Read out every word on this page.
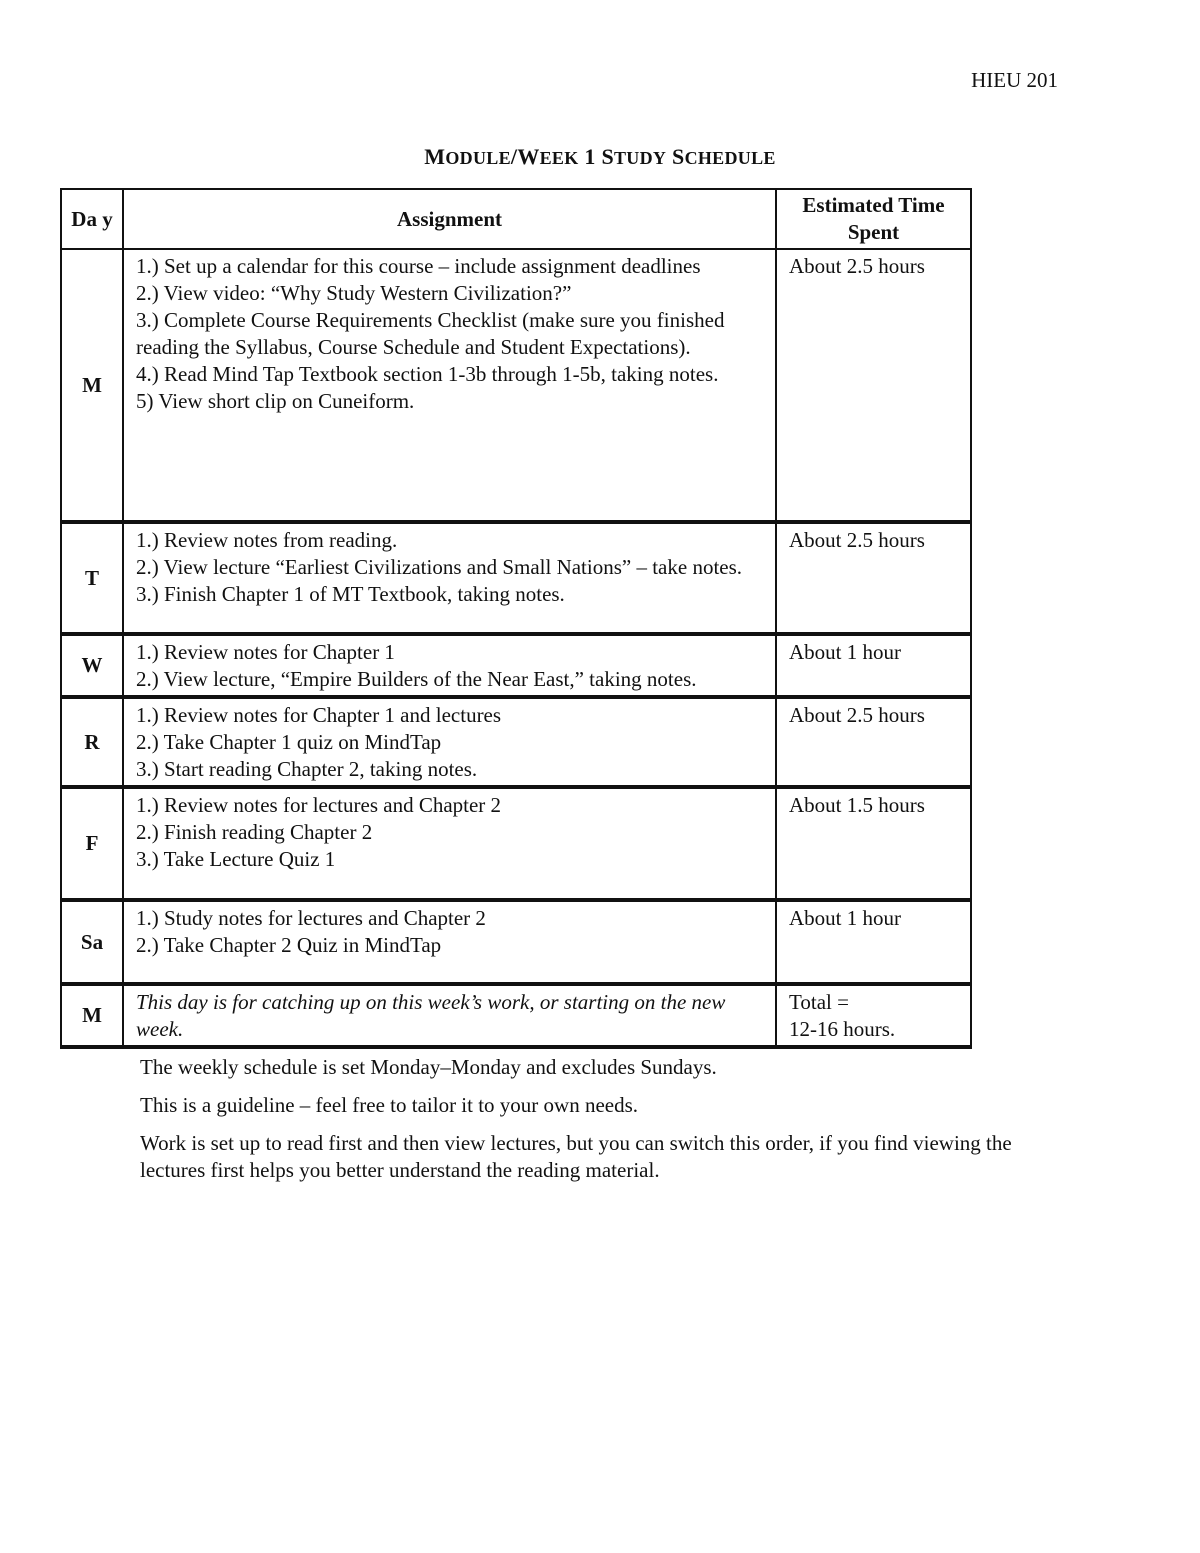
HIEU 201
MODULE/WEEK 1 STUDY SCHEDULE
Da y	Assignment	Estimated Time Spent
M	1.) Set up a calendar for this course – include assignment deadlines
2.) View video: “Why Study Western Civilization?”
3.) Complete Course Requirements Checklist (make sure you finished reading the Syllabus, Course Schedule and Student Expectations).
4.) Read Mind Tap Textbook section 1-3b through 1-5b, taking notes.
5) View short clip on Cuneiform.	About 2.5 hours
T	1.) Review notes from reading.
2.) View lecture “Earliest Civilizations and Small Nations” – take notes.
3.) Finish Chapter 1 of MT Textbook, taking notes.	About 2.5 hours
W	1.) Review notes for Chapter 1
2.) View lecture, “Empire Builders of the Near East,” taking notes.	About 1 hour
R	1.) Review notes for Chapter 1 and lectures
2.) Take Chapter 1 quiz on MindTap
3.) Start reading Chapter 2, taking notes.	About 2.5 hours
F	1.) Review notes for lectures and Chapter 2
2.) Finish reading Chapter 2
3.) Take Lecture Quiz 1	About 1.5 hours
Sa	1.) Study notes for lectures and Chapter 2
2.) Take Chapter 2 Quiz in MindTap	About 1 hour
M	This day is for catching up on this week’s work, or starting on the new week.	Total =
12-16 hours.

The weekly schedule is set Monday–Monday and excludes Sundays.

This is a guideline – feel free to tailor it to your own needs.

Work is set up to read first and then view lectures, but you can switch this order, if you find viewing the lectures first helps you better understand the reading material.
